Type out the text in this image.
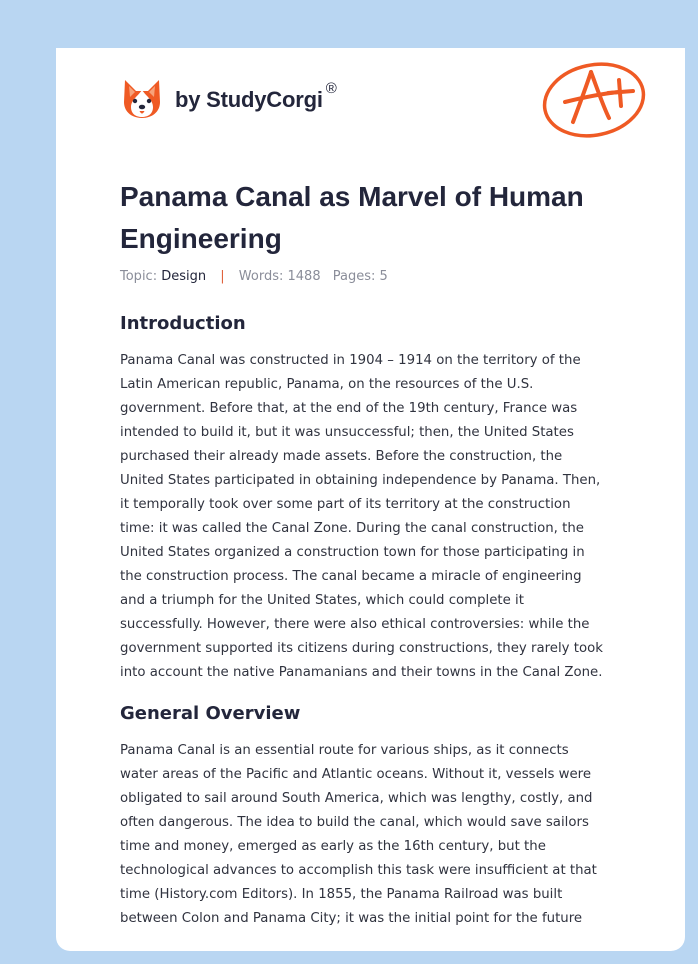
by StudyCorgi ®
Panama Canal as Marvel of Human Engineering
Topic: Design | Words: 1488 Pages: 5
Introduction
Panama Canal was constructed in 1904 – 1914 on the territory of the
Latin American republic, Panama, on the resources of the U.S.
government. Before that, at the end of the 19th century, France was
intended to build it, but it was unsuccessful; then, the United States
purchased their already made assets. Before the construction, the
United States participated in obtaining independence by Panama. Then,
it temporally took over some part of its territory at the construction
time: it was called the Canal Zone. During the canal construction, the
United States organized a construction town for those participating in
the construction process. The canal became a miracle of engineering
and a triumph for the United States, which could complete it
successfully. However, there were also ethical controversies: while the
government supported its citizens during constructions, they rarely took
into account the native Panamanians and their towns in the Canal Zone.
General Overview
Panama Canal is an essential route for various ships, as it connects
water areas of the Pacific and Atlantic oceans. Without it, vessels were
obligated to sail around South America, which was lengthy, costly, and
often dangerous. The idea to build the canal, which would save sailors
time and money, emerged as early as the 16th century, but the
technological advances to accomplish this task were insufficient at that
time (History.com Editors). In 1855, the Panama Railroad was built
between Colon and Panama City; it was the initial point for the future
